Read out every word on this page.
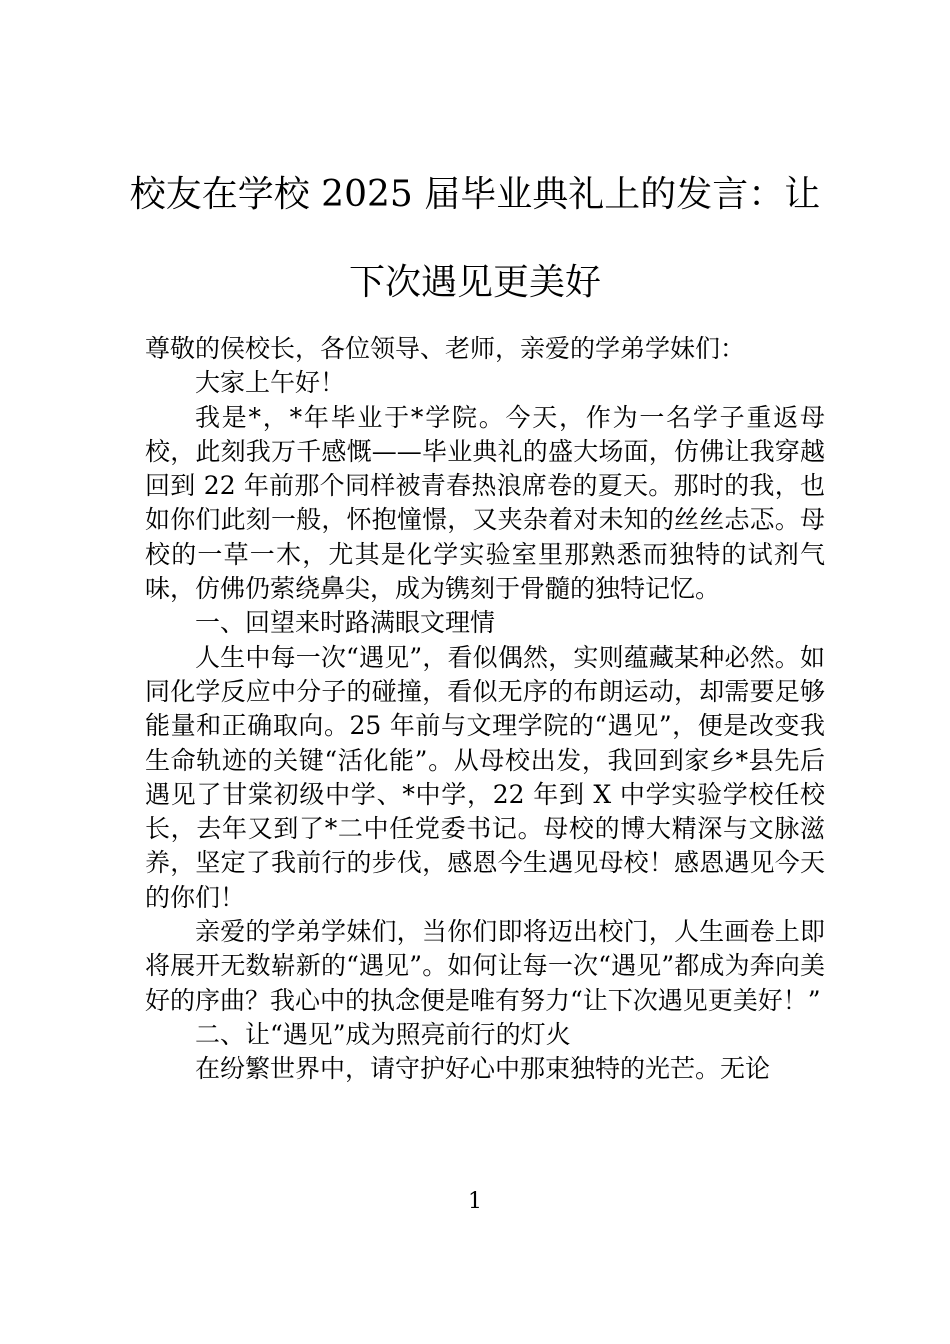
校友在学校 2025 届毕业典礼上的发言：让
下次遇见更美好

尊敬的侯校长，各位领导、老师，亲爱的学弟学妹们：

大家上午好！

我是*，*年毕业于*学院。今天，作为一名学子重返母校，此刻我万千感慨——毕业典礼的盛大场面，仿佛让我穿越回到 22 年前那个同样被青春热浪席卷的夏天。那时的我，也如你们此刻一般，怀抱憧憬，又夹杂着对未知的丝丝忐忑。母校的一草一木，尤其是化学实验室里那熟悉而独特的试剂气味，仿佛仍萦绕鼻尖，成为镌刻于骨髓的独特记忆。

一、回望来时路满眼文理情

人生中每一次“遇见”，看似偶然，实则蕴藏某种必然。如同化学反应中分子的碰撞，看似无序的布朗运动，却需要足够能量和正确取向。25 年前与文理学院的“遇见”，便是改变我生命轨迹的关键“活化能”。从母校出发，我回到家乡*县先后遇见了甘棠初级中学、*中学，22 年到 X 中学实验学校任校长，去年又到了*二中任党委书记。母校的博大精深与文脉滋养，坚定了我前行的步伐，感恩今生遇见母校！感恩遇见今天的你们！

亲爱的学弟学妹们，当你们即将迈出校门，人生画卷上即将展开无数崭新的“遇见”。如何让每一次“遇见”都成为奔向美好的序曲？我心中的执念便是唯有努力“让下次遇见更美好！”

二、让“遇见”成为照亮前行的灯火

在纷繁世界中，请守护好心中那束独特的光芒。无论

1
